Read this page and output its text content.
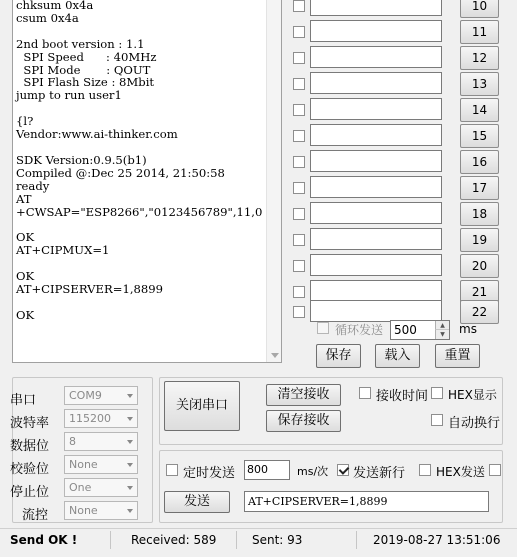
chksum 0x4a
csum 0x4a

2nd boot version : 1.1
SPI Speed      : 40MHz
SPI Mode       : QOUT
SPI Flash Size : 8Mbit
jump to run user1

{l?
Vendor:www.ai-thinker.com

SDK Version:0.9.5(b1)
Compiled @:Dec 25 2014, 21:50:58
ready
AT
+CWSAP="ESP8266","0123456789",11,0

OK
AT+CIPMUX=1

OK
AT+CIPSERVER=1,8899

OK
10
11
12
13
14
15
16
17
18
19
20
21
22
循环发送 500	▲
▼	ms
保存	载入	重置
串口	COM9
波特率	115200
数据位	8
校验位	None
停止位	One
流控	None
关闭串口
清空接收
保存接收
接收时间 HEX显示
自动换行
定时发送 800	ms/次 发送新行	HEX发送
发送	AT+CIPSERVER=1,8899
Send OK !	Received: 589	Sent: 93	2019-08-27 13:51:06
